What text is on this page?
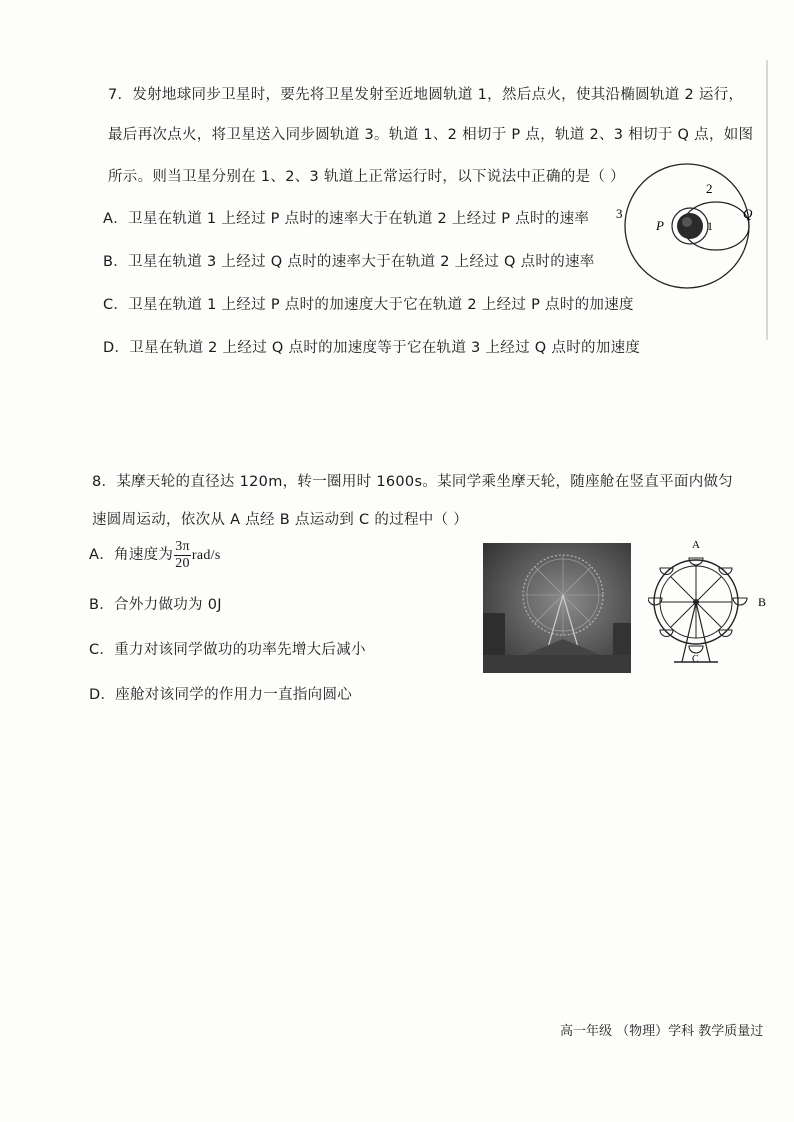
7．发射地球同步卫星时，要先将卫星发射至近地圆轨道 1，然后点火，使其沿椭圆轨道 2 运行，
最后再次点火，将卫星送入同步圆轨道 3。轨道 1、2 相切于 P 点，轨道 2、3 相切于 Q 点，如图
所示。则当卫星分别在 1、2、3 轨道上正常运行时，以下说法中正确的是（ ）
A．卫星在轨道 1 上经过 P 点时的速率大于在轨道 2 上经过 P 点时的速率
B．卫星在轨道 3 上经过 Q 点时的速率大于在轨道 2 上经过 Q 点时的速率
C．卫星在轨道 1 上经过 P 点时的加速度大于它在轨道 2 上经过 P 点时的加速度
D．卫星在轨道 2 上经过 Q 点时的加速度等于它在轨道 3 上经过 Q 点时的加速度
3
2
1
P
Q
8．某摩天轮的直径达 120m，转一圈用时 1600s。某同学乘坐摩天轮，随座舱在竖直平面内做匀
速圆周运动，依次从 A 点经 B 点运动到 C 的过程中（ ）
A．角速度为 $\frac{3\pi}{20} rad/s$
B．合外力做功为 0J
C．重力对该同学做功的功率先增大后减小
D．座舱对该同学的作用力一直指向圆心
A
B
C
高一年级 （物理）学科 教学质量过
